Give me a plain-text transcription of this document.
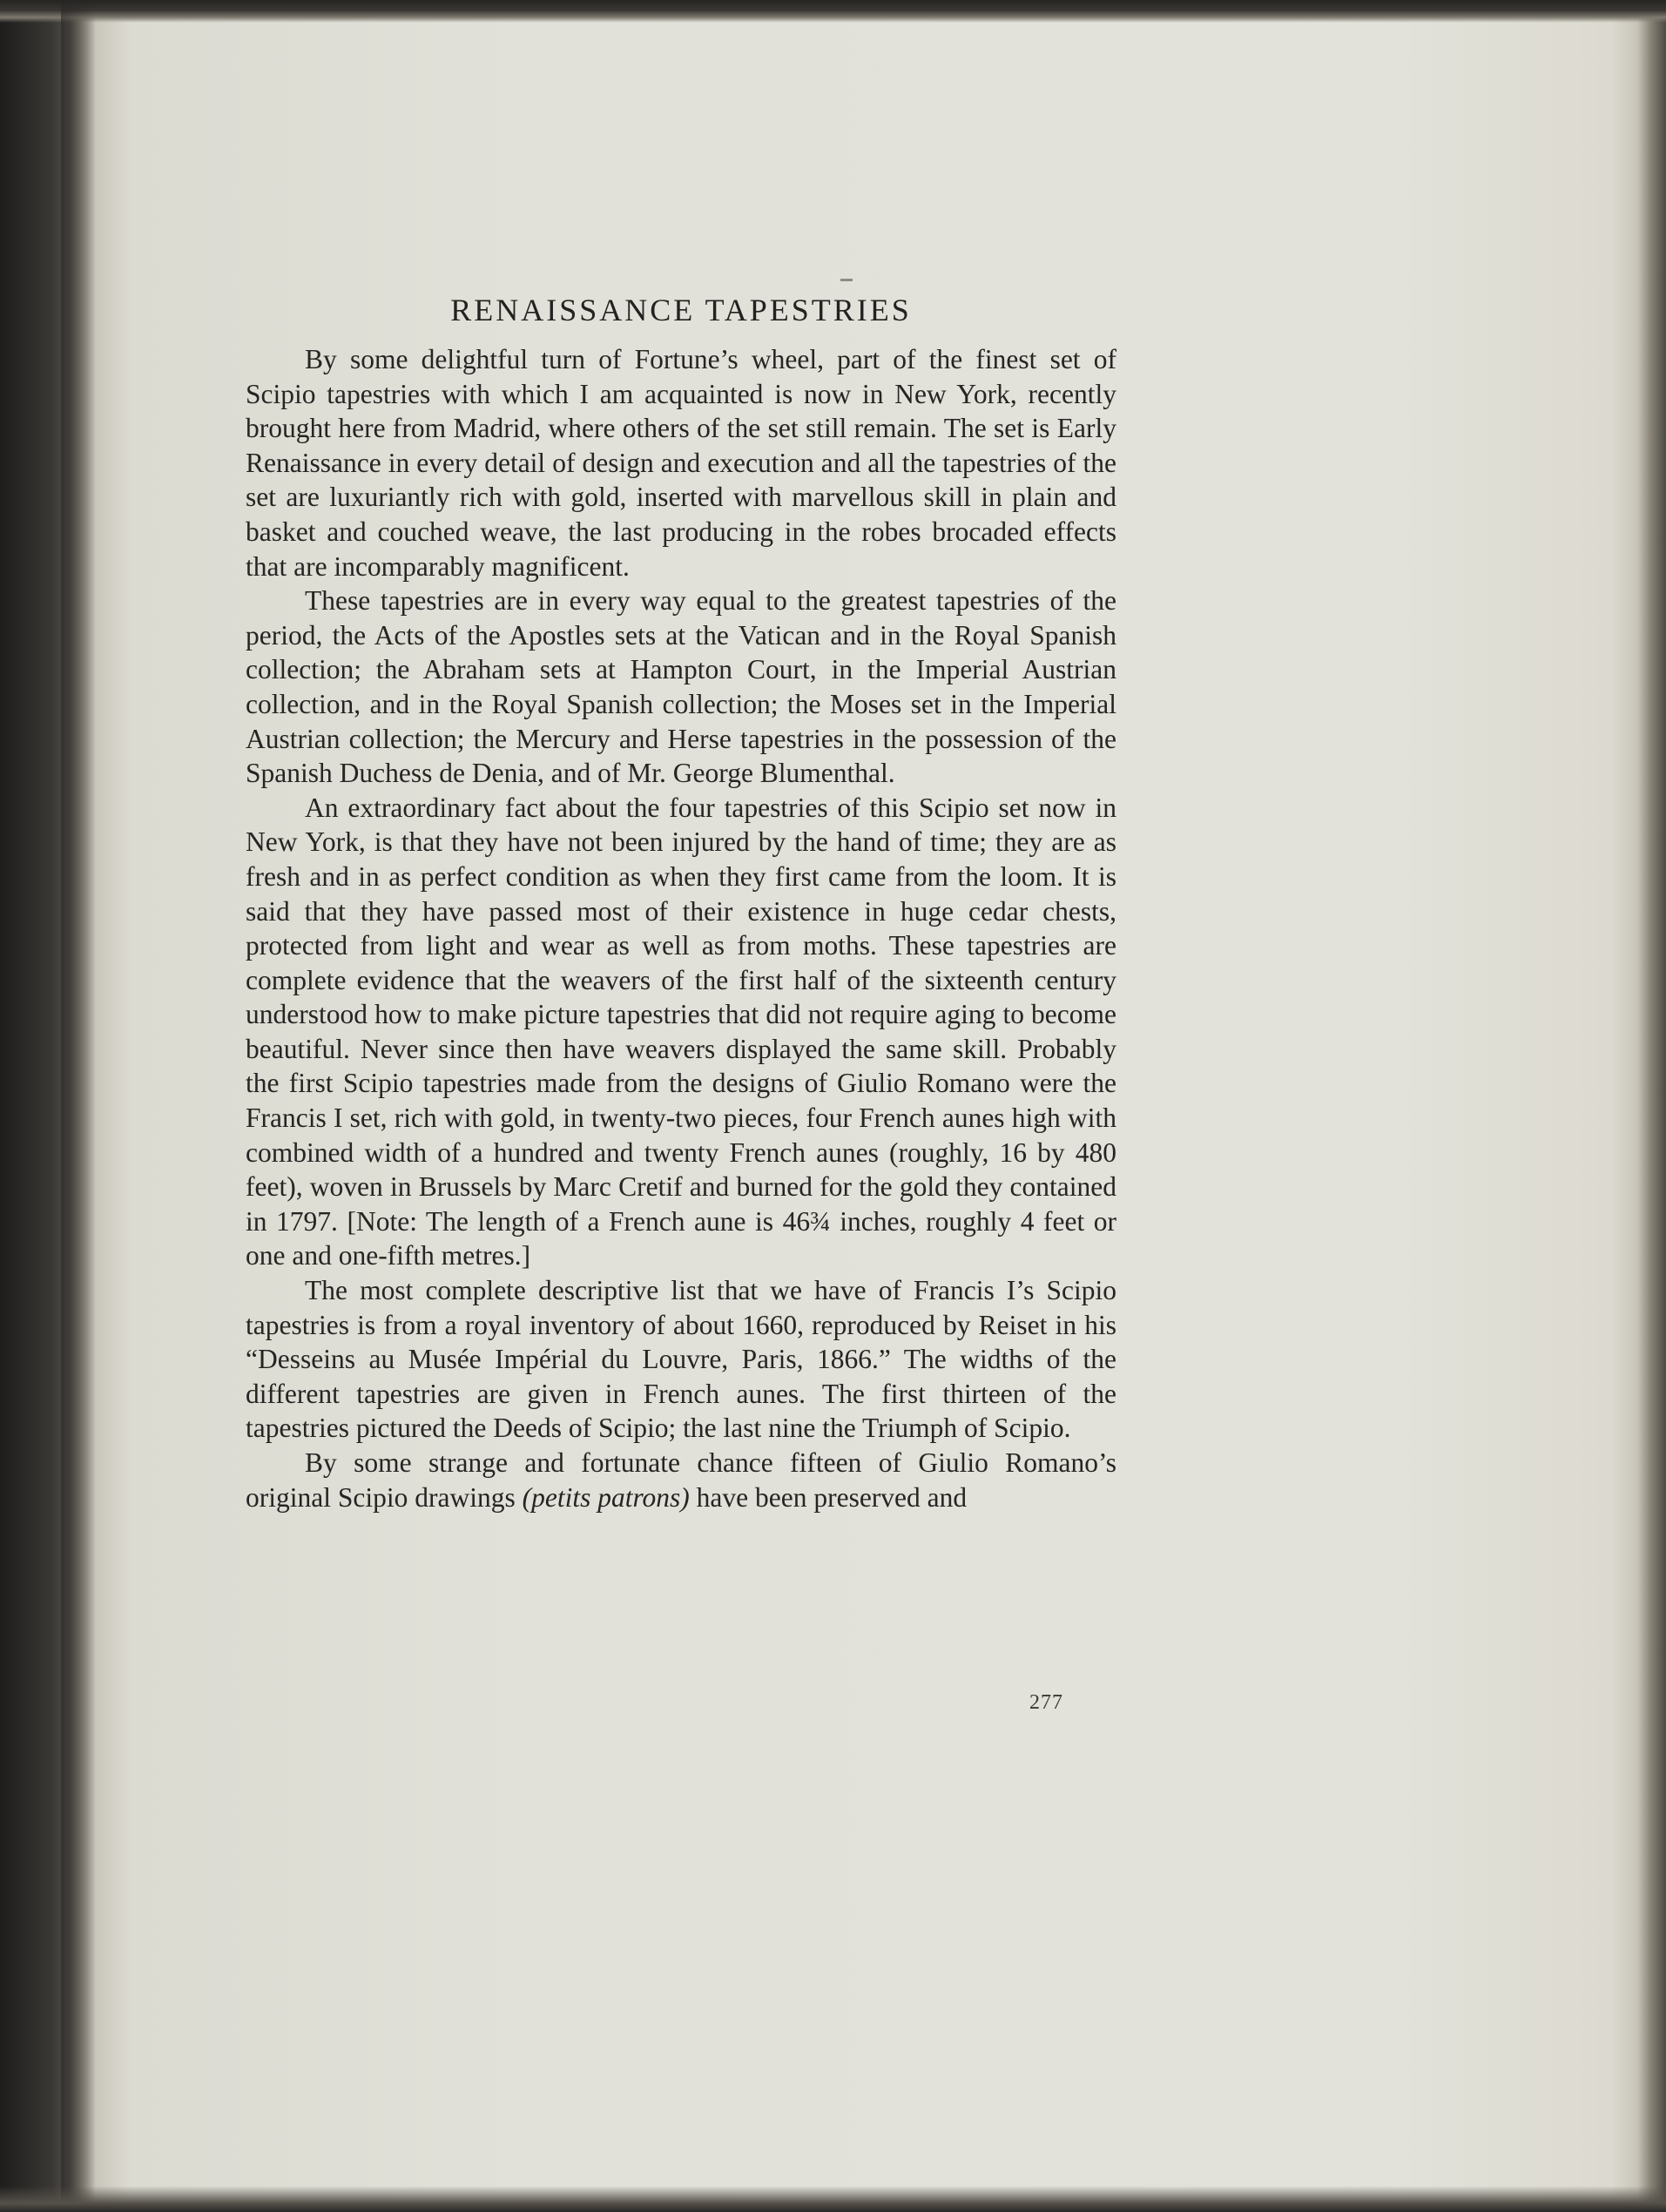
RENAISSANCE TAPESTRIES

By some delightful turn of Fortune’s wheel, part of the finest set of Scipio tapestries with which I am acquainted is now in New York, recently brought here from Madrid, where others of the set still remain. The set is Early Renaissance in every detail of design and execution and all the tapestries of the set are luxuriantly rich with gold, inserted with marvellous skill in plain and basket and couched weave, the last producing in the robes brocaded effects that are incomparably magnificent.

These tapestries are in every way equal to the greatest tapestries of the period, the Acts of the Apostles sets at the Vatican and in the Royal Spanish collection; the Abraham sets at Hampton Court, in the Imperial Austrian collection, and in the Royal Spanish collection; the Moses set in the Imperial Austrian collection; the Mercury and Herse tapestries in the possession of the Spanish Duchess de Denia, and of Mr. George Blumenthal.

An extraordinary fact about the four tapestries of this Scipio set now in New York, is that they have not been injured by the hand of time; they are as fresh and in as perfect condition as when they first came from the loom. It is said that they have passed most of their existence in huge cedar chests, protected from light and wear as well as from moths. These tapestries are complete evidence that the weavers of the first half of the sixteenth century understood how to make picture tapestries that did not require aging to become beautiful. Never since then have weavers displayed the same skill. Probably the first Scipio tapestries made from the designs of Giulio Romano were the Francis I set, rich with gold, in twenty-two pieces, four French aunes high with combined width of a hundred and twenty French aunes (roughly, 16 by 480 feet), woven in Brussels by Marc Cretif and burned for the gold they contained in 1797. [Note: The length of a French aune is 46¾ inches, roughly 4 feet or one and one-fifth metres.]

The most complete descriptive list that we have of Francis I’s Scipio tapestries is from a royal inventory of about 1660, reproduced by Reiset in his “Desseins au Musée Impérial du Louvre, Paris, 1866.” The widths of the different tapestries are given in French aunes. The first thirteen of the tapestries pictured the Deeds of Scipio; the last nine the Triumph of Scipio.

By some strange and fortunate chance fifteen of Giulio Romano’s original Scipio drawings (petits patrons) have been preserved and

277
